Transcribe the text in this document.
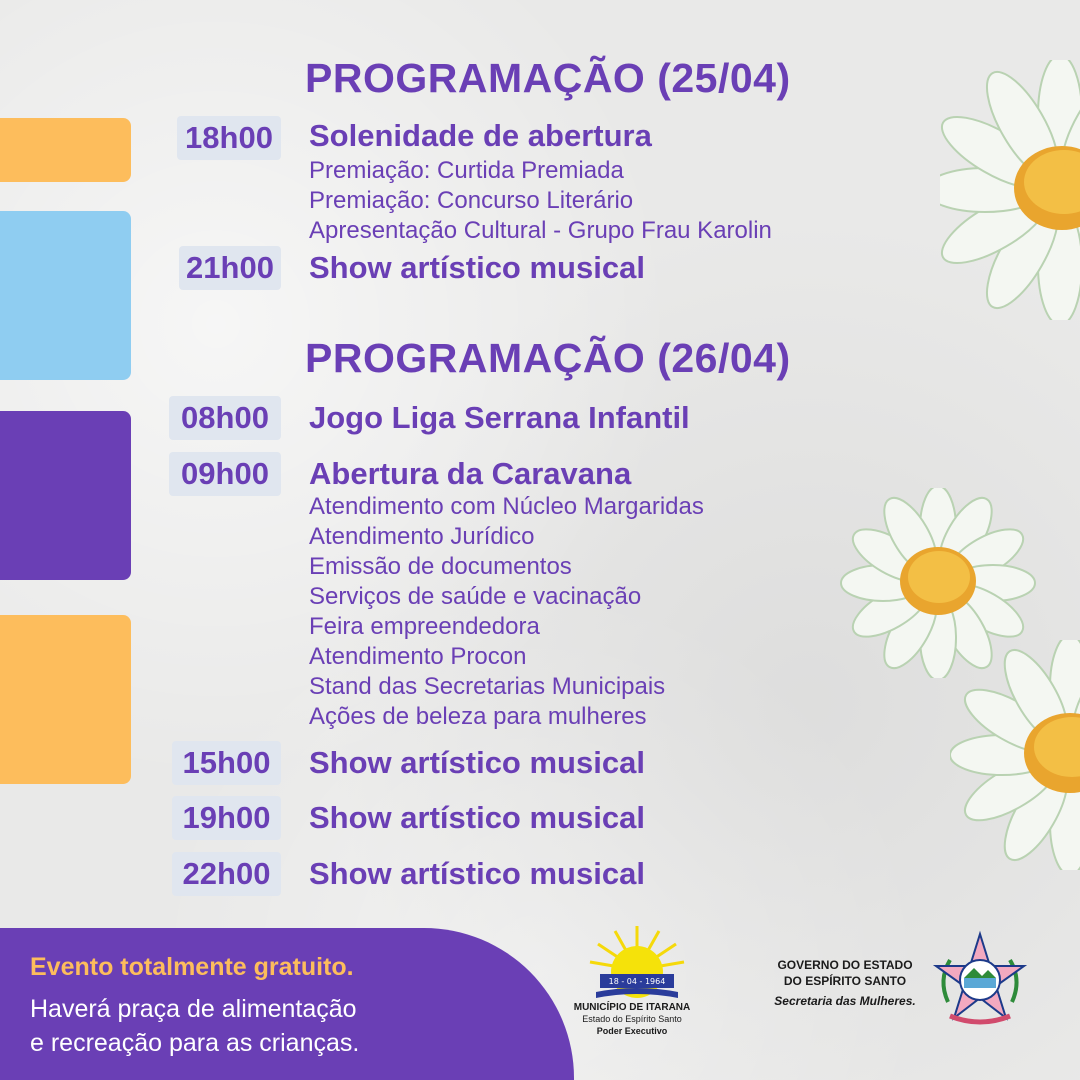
PROGRAMAÇÃO (25/04)
18h00 Solenidade de abertura
Premiação: Curtida Premiada
Premiação: Concurso Literário
Apresentação Cultural - Grupo Frau Karolin
21h00 Show artístico musical
PROGRAMAÇÃO (26/04)
08h00	Jogo Liga Serrana Infantil
09h00	Abertura da Caravana
Atendimento com Núcleo Margaridas
Atendimento Jurídico
Emissão de documentos
Serviços de saúde e vacinação
Feira empreendedora
Atendimento Procon
Stand das Secretarias Municipais
Ações de beleza para mulheres
15h00	Show artístico musical
19h00	Show artístico musical
22h00	Show artístico musical
Evento totalmente gratuito.
Haverá praça de alimentação
e recreação para as crianças.
18 - 04 - 1964
MUNICÍPIO DE ITARANA
Estado do Espírito Santo
Poder Executivo
GOVERNO DO ESTADO
DO ESPÍRITO SANTO
Secretaria das Mulheres.
